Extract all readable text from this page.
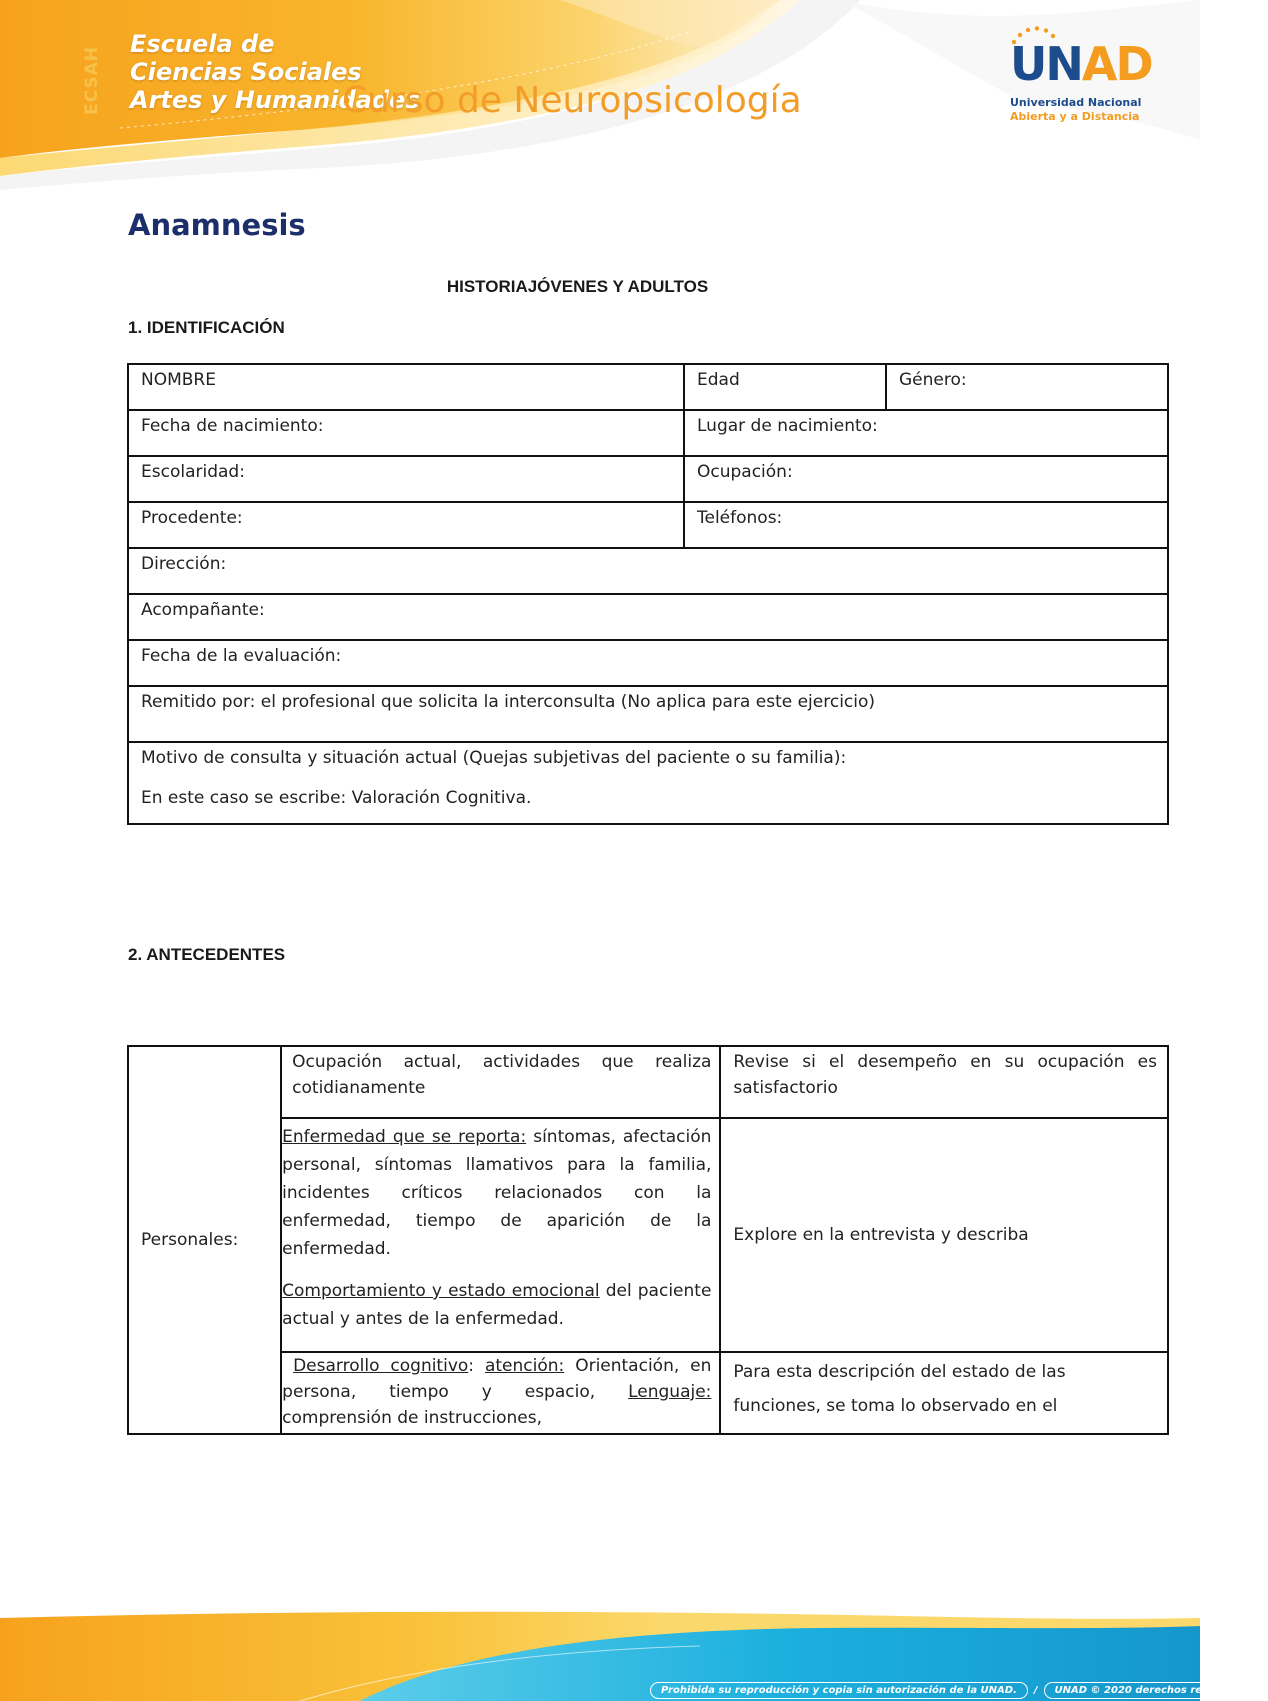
ECSAH
Escuela de
Ciencias Sociales
Artes y Humanidades
Curso de Neuropsicología
UNAD
Universidad Nacional
Abierta y a Distancia
Anamnesis
HISTORIAJÓVENES Y ADULTOS
1. IDENTIFICACIÓN
NOMBRE	Edad	Género:

Fecha de nacimiento:	Lugar de nacimiento:	

Escolaridad:	Ocupación:	

Procedente:	Teléfonos:	

Dirección:		

Acompañante:		

Fecha de la evaluación:		

Remitido por: el profesional que solicita la interconsulta (No aplica para este ejercicio)		

Motivo de consulta y situación actual (Quejas subjetivas del paciente o su familia):
En este caso se escribe: Valoración Cognitiva.		
2. ANTECEDENTES
Personales:	Ocupación actual, actividades que realiza cotidianamente	Revise si el desempeño en su ocupación es satisfactorio

	Enfermedad que se reporta: síntomas, afectación personal, síntomas llamativos para la familia, incidentes críticos relacionados con la enfermedad, tiempo de aparición de la enfermedad.
Comportamiento y estado emocional del paciente actual y antes de la enfermedad.	Explore en la entrevista y describa

	Desarrollo cognitivo: atención: Orientación, en persona, tiempo y espacio, Lenguaje: comprensión de instrucciones,	Para esta descripción del estado de las funciones, se toma lo observado en el
Prohibida su reproducción y copia sin autorización de la UNAD. / UNAD © 2020 derechos reservados.
